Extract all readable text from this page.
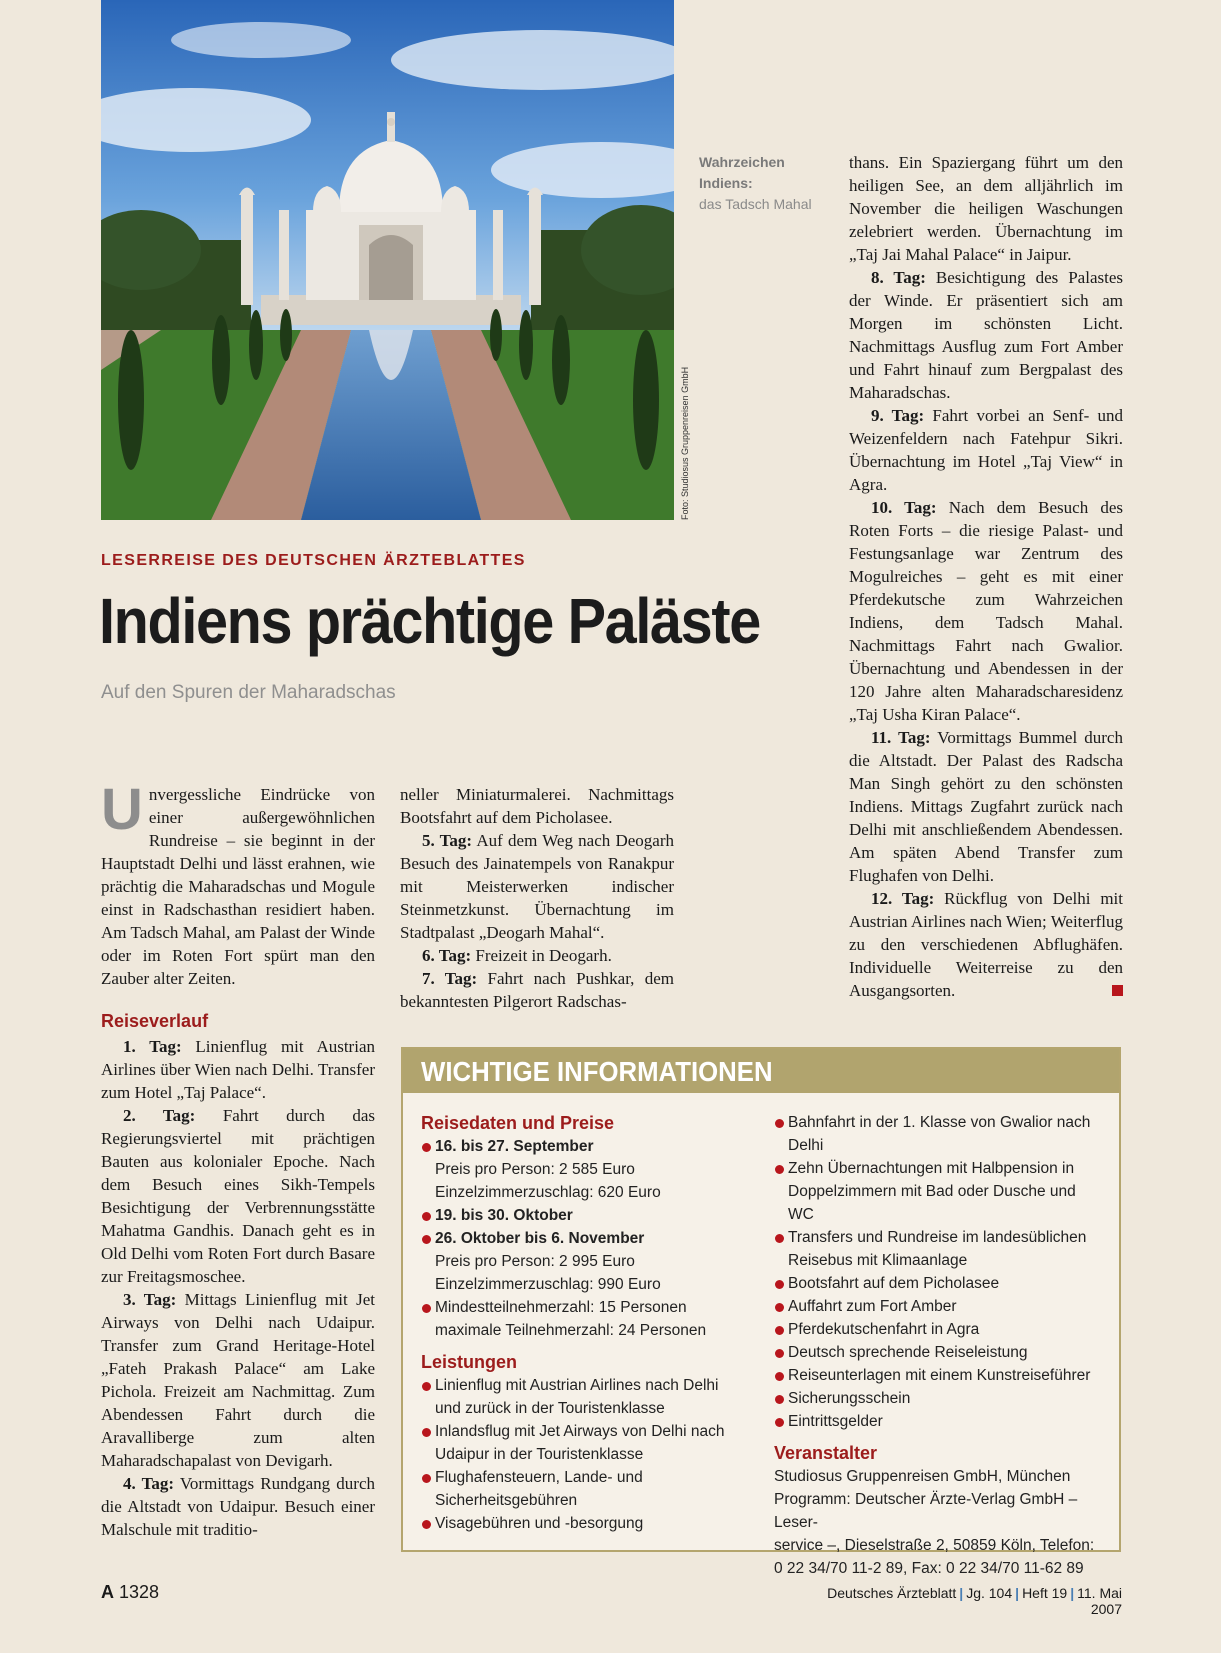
Foto: Studiosus Gruppenreisen GmbH
Wahrzeichen Indiens:
das Tadsch Mahal
LESERREISE DES DEUTSCHEN ÄRZTEBLATTES
Indiens prächtige Paläste
Auf den Spuren der Maharadschas

Unvergessliche Eindrücke von einer außergewöhnlichen Rundreise – sie beginnt in der Hauptstadt Delhi und lässt erahnen, wie prächtig die Maharadschas und Mogule einst in Radschasthan residiert haben. Am Tadsch Mahal, am Palast der Winde oder im Roten Fort spürt man den Zauber alter Zeiten.

Reiseverlauf

1. Tag: Linienflug mit Austrian Airlines über Wien nach Delhi. Transfer zum Hotel „Taj Palace“.

2. Tag: Fahrt durch das Regierungsviertel mit prächtigen Bauten aus kolonialer Epoche. Nach dem Besuch eines Sikh-Tempels Besichtigung der Verbrennungsstätte Mahatma Gandhis. Danach geht es in Old Delhi vom Roten Fort durch Basare zur Freitagsmoschee.

3. Tag: Mittags Linienflug mit Jet Airways von Delhi nach Udaipur. Transfer zum Grand Heritage-Hotel „Fateh Prakash Palace“ am Lake Pichola. Freizeit am Nachmittag. Zum Abendessen Fahrt durch die Aravalliberge zum alten Maharadschapalast von Devigarh.

4. Tag: Vormittags Rundgang durch die Altstadt von Udaipur. Besuch einer Malschule mit traditio-

neller Miniaturmalerei. Nachmittags Bootsfahrt auf dem Picholasee.

5. Tag: Auf dem Weg nach Deogarh Besuch des Jainatempels von Ranakpur mit Meisterwerken indischer Steinmetzkunst. Übernachtung im Stadtpalast „Deogarh Mahal“.

6. Tag: Freizeit in Deogarh.

7. Tag: Fahrt nach Pushkar, dem bekanntesten Pilgerort Radschas-

thans. Ein Spaziergang führt um den heiligen See, an dem alljährlich im November die heiligen Waschungen zelebriert werden. Übernachtung im „Taj Jai Mahal Palace“ in Jaipur.

8. Tag: Besichtigung des Palastes der Winde. Er präsentiert sich am Morgen im schönsten Licht. Nachmittags Ausflug zum Fort Amber und Fahrt hinauf zum Bergpalast des Maharadschas.

9. Tag: Fahrt vorbei an Senf- und Weizenfeldern nach Fatehpur Sikri. Übernachtung im Hotel „Taj View“ in Agra.

10. Tag: Nach dem Besuch des Roten Forts – die riesige Palast- und Festungsanlage war Zentrum des Mogulreiches – geht es mit einer Pferdekutsche zum Wahrzeichen Indiens, dem Tadsch Mahal. Nachmittags Fahrt nach Gwalior. Übernachtung und Abendessen in der 120 Jahre alten Maharadscharesidenz „Taj Usha Kiran Palace“.

11. Tag: Vormittags Bummel durch die Altstadt. Der Palast des Radscha Man Singh gehört zu den schönsten Indiens. Mittags Zugfahrt zurück nach Delhi mit anschließendem Abendessen. Am späten Abend Transfer zum Flughafen von Delhi.

12. Tag: Rückflug von Delhi mit Austrian Airlines nach Wien; Weiterflug zu den verschiedenen Abflughäfen. Individuelle Weiterreise zu den Ausgangsorten.

WICHTIGE INFORMATIONEN
Reisedaten und Preise
16. bis 27. September
Preis pro Person: 2 585 Euro
Einzelzimmerzuschlag: 620 Euro
19. bis 30. Oktober
26. Oktober bis 6. November
Preis pro Person: 2 995 Euro
Einzelzimmerzuschlag: 990 Euro
Mindestteilnehmerzahl: 15 Personen
maximale Teilnehmerzahl: 24 Personen
Leistungen
Linienflug mit Austrian Airlines nach Delhi und zurück in der Touristenklasse
Inlandsflug mit Jet Airways von Delhi nach Udaipur in der Touristenklasse
Flughafensteuern, Lande- und Sicherheitsgebühren
Visagebühren und -besorgung
Bahnfahrt in der 1. Klasse von Gwalior nach Delhi
Zehn Übernachtungen mit Halbpension in Doppelzimmern mit Bad oder Dusche und WC
Transfers und Rundreise im landesüblichen Reisebus mit Klimaanlage
Bootsfahrt auf dem Picholasee
Auffahrt zum Fort Amber
Pferdekutschenfahrt in Agra
Deutsch sprechende Reiseleistung
Reiseunterlagen mit einem Kunstreiseführer
Sicherungsschein
Eintrittsgelder
Veranstalter
Studiosus Gruppenreisen GmbH, München
Programm: Deutscher Ärzte-Verlag GmbH – Leser-
service –, Dieselstraße 2, 50859 Köln, Telefon:
0 22 34/70 11-2 89, Fax: 0 22 34/70 11-62 89
A 1328	Deutsches Ärzteblatt | Jg. 104 | Heft 19 | 11. Mai 2007
